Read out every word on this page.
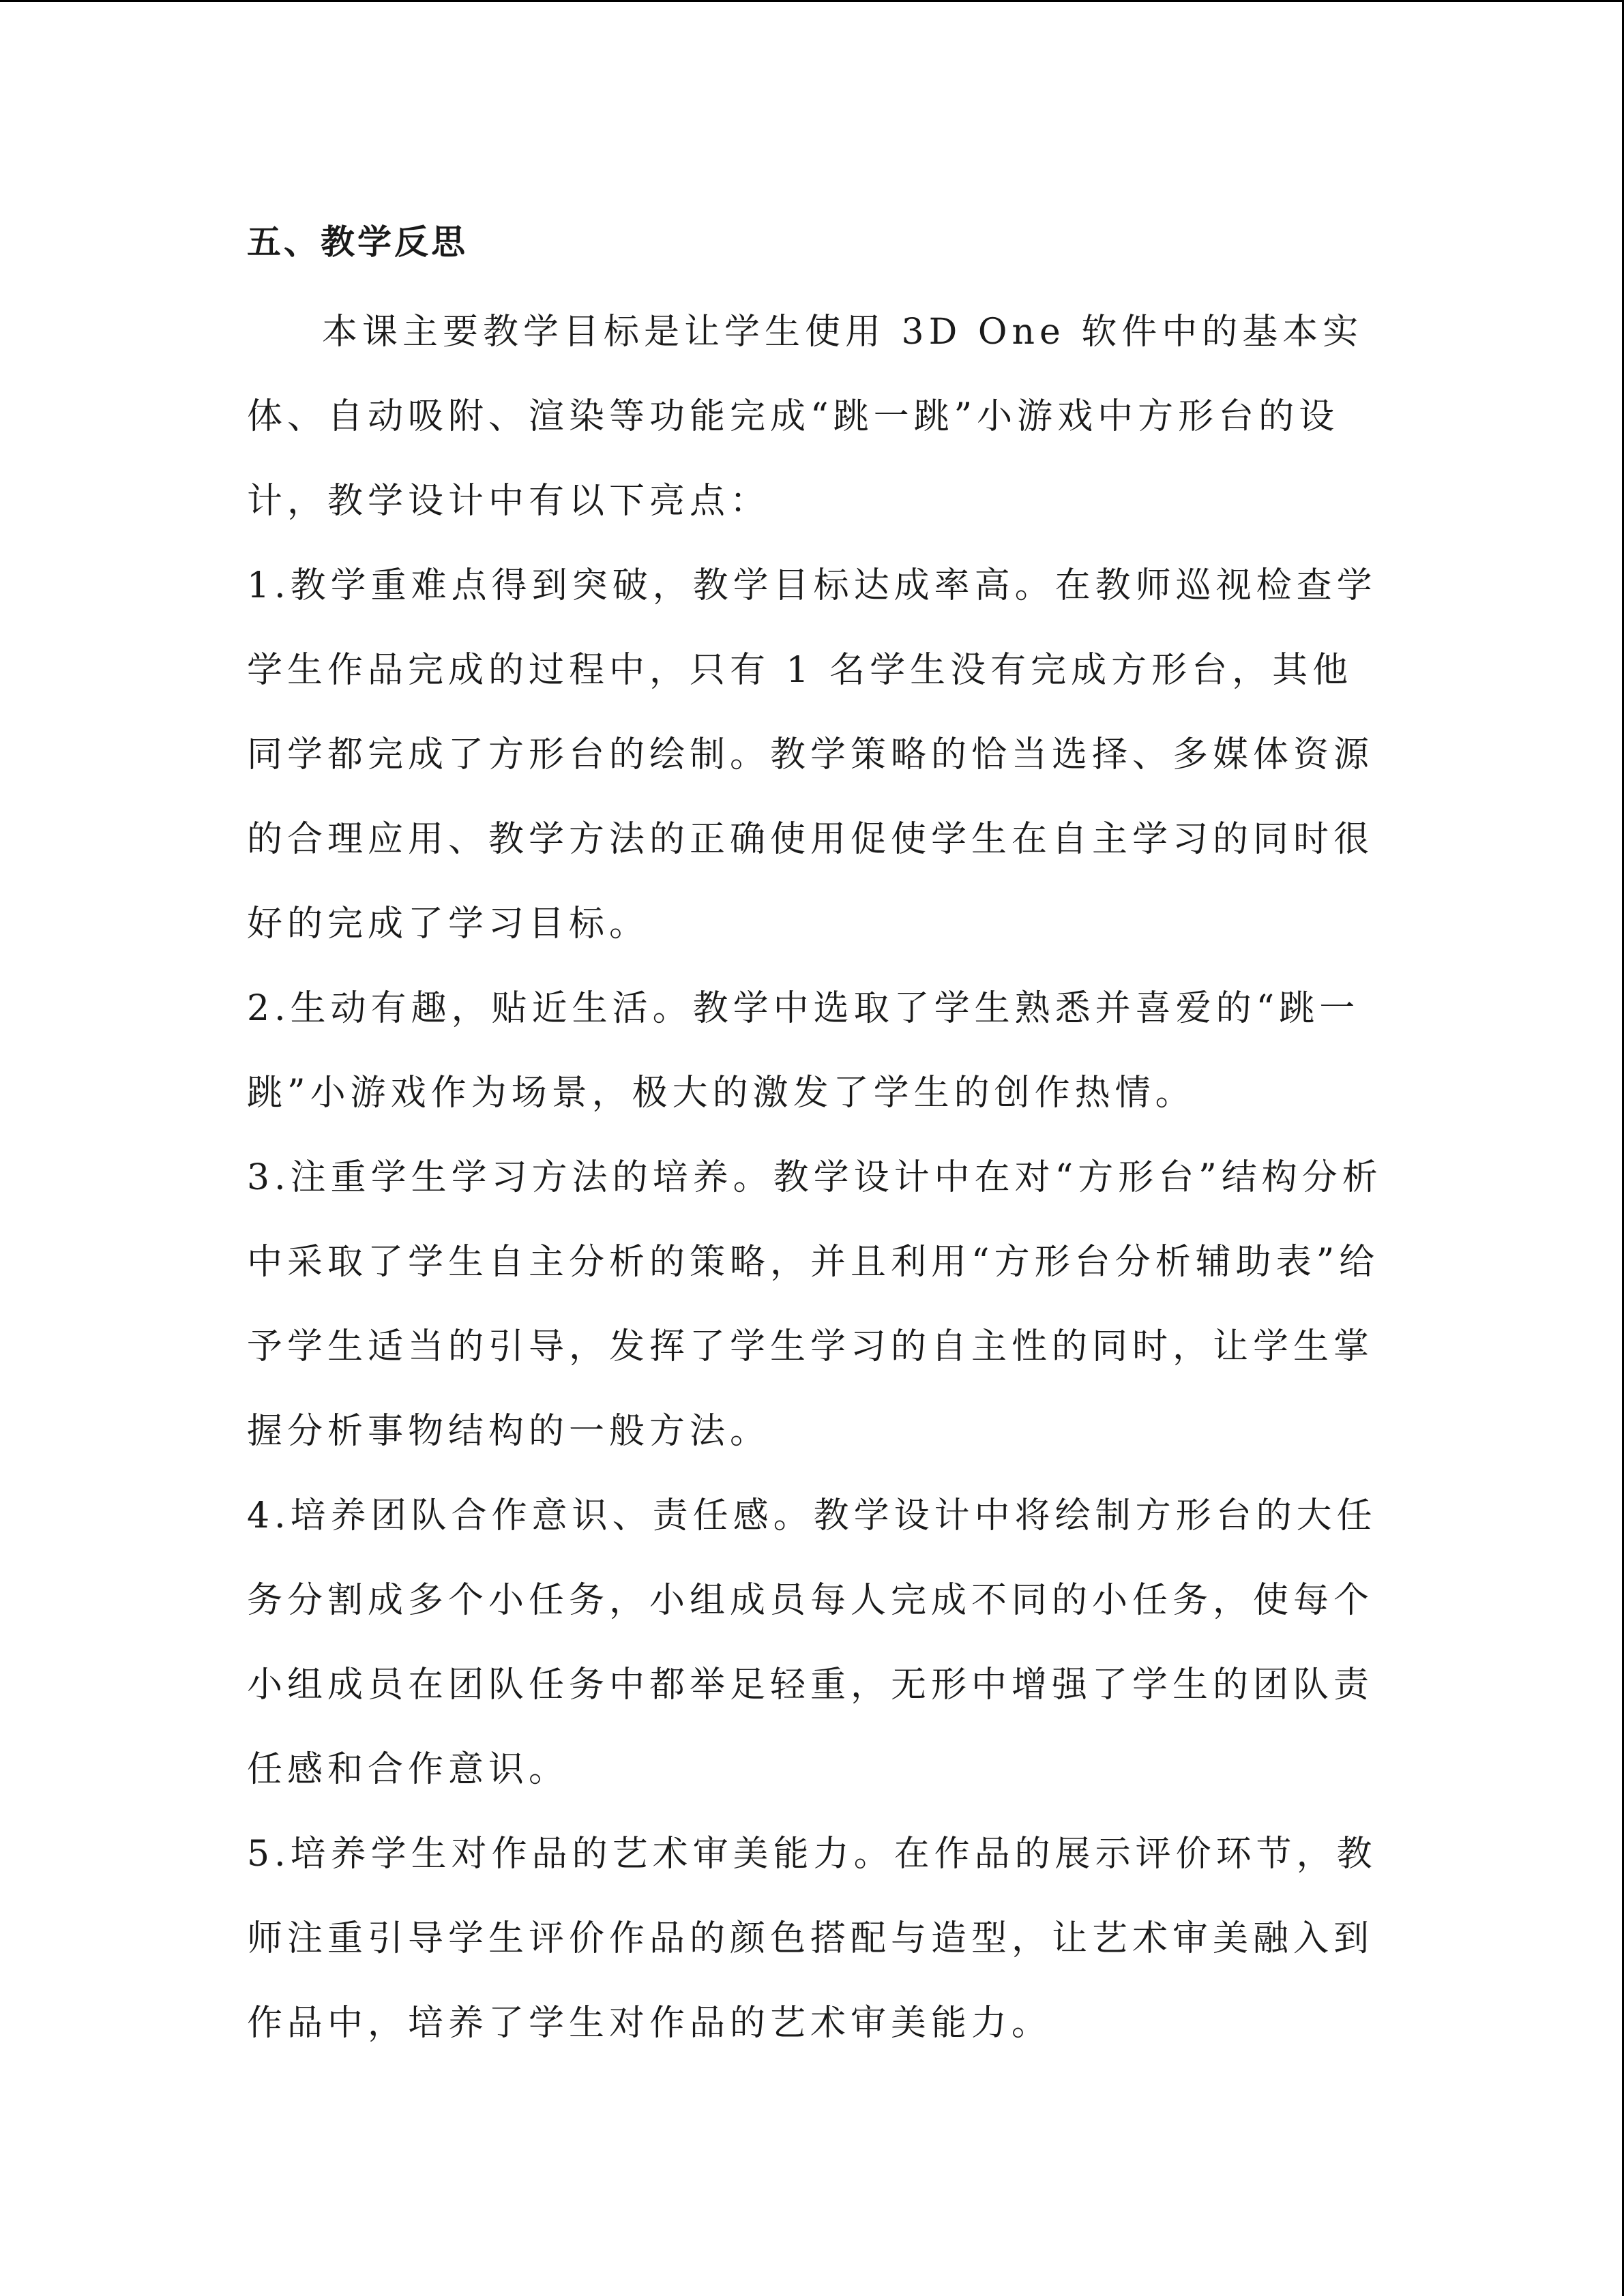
五、教学反思

本课主要教学目标是让学生使用 3D One 软件中的基本实体、自动吸附、渲染等功能完成“跳一跳”小游戏中方形台的设计，教学设计中有以下亮点：

1.教学重难点得到突破，教学目标达成率高。在教师巡视检查学学生作品完成的过程中，只有 1 名学生没有完成方形台，其他同学都完成了方形台的绘制。教学策略的恰当选择、多媒体资源的合理应用、教学方法的正确使用促使学生在自主学习的同时很好的完成了学习目标。

2.生动有趣，贴近生活。教学中选取了学生熟悉并喜爱的“跳一跳”小游戏作为场景，极大的激发了学生的创作热情。

3.注重学生学习方法的培养。教学设计中在对“方形台”结构分析中采取了学生自主分析的策略，并且利用“方形台分析辅助表”给予学生适当的引导，发挥了学生学习的自主性的同时，让学生掌握分析事物结构的一般方法。

4.培养团队合作意识、责任感。教学设计中将绘制方形台的大任务分割成多个小任务，小组成员每人完成不同的小任务，使每个小组成员在团队任务中都举足轻重，无形中增强了学生的团队责任感和合作意识。

5.培养学生对作品的艺术审美能力。在作品的展示评价环节，教师注重引导学生评价作品的颜色搭配与造型，让艺术审美融入到作品中，培养了学生对作品的艺术审美能力。
